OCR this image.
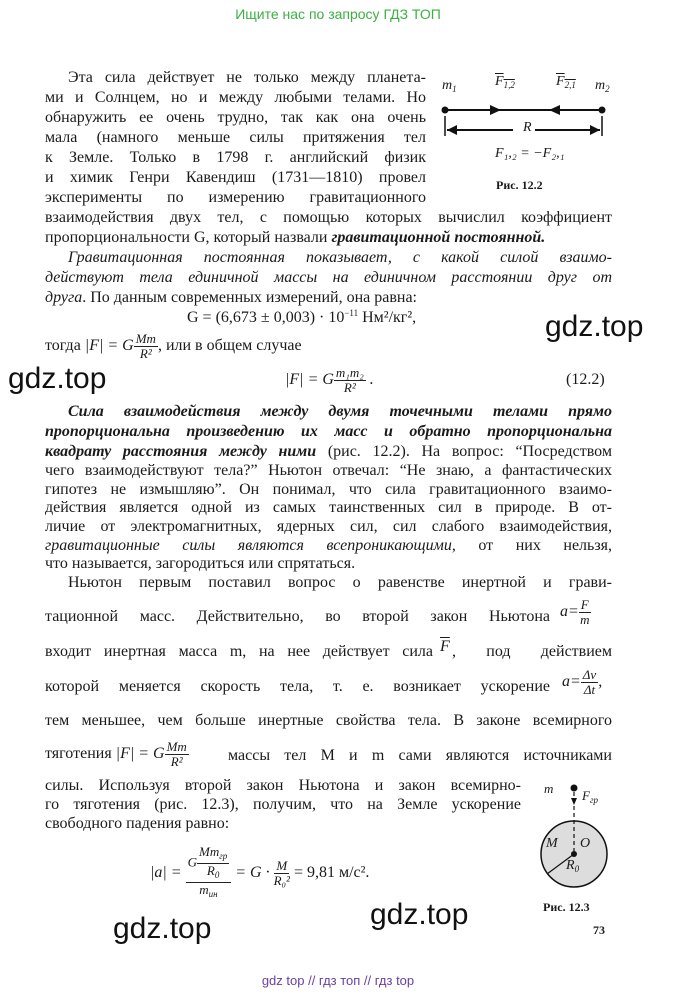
Ищите нас по запросу ГДЗ ТОП
Эта сила действует не только между планета-
ми и Солнцем, но и между любыми телами. Но
обнаружить ее очень трудно, так как она очень
мала (намного меньше силы притяжения тел
к Земле. Только в 1798 г. английский физик
и химик Генри Кавендиш (1731—1810) провел
эксперименты по измерению гравитационного
взаимодействия двух тел, с помощью которых вычислил коэффициент
пропорциональности G, который назвали гравитационной постоянной.
$m_1$	$F_{1,2}$	$F_{2,1}$ $m_2$
R
F₁,₂ = −F₂,₁
Рис. 12.2
Гравитационная постоянная показывает, с какой силой взаимо-
действуют тела единичной массы на единичном расстоянии друг от
друга. По данным современных измерений, она равна:
$G = (6,673 \pm 0,003) \cdot 10^{-11}$ Нм²/кг²,
тогда |F| = G $\frac{Mm}{\text{R²}}$ , или в общем случае
|F| = G $\frac{\text{m₁m₂}}{\text{R²}}$ .	(12.2)
Сила взаимодействия между двумя точечными телами прямо
пропорциональна произведению их масс и обратно пропорциональна
квадрату расстояния между ними (рис. 12.2). На вопрос: “Посредством
чего взаимодействуют тела?” Ньютон отвечал: “Не знаю, а фантастических
гипотез не измышляю”. Он понимал, что сила гравитационного взаимо-
действия является одной из самых таинственных сил в природе. В от-
личие от электромагнитных, ядерных сил, сил слабого взаимодействия,
гравитационные силы являются всепроникающими, от них нельзя,
что называется, загородиться или спрятаться.
Ньютон первым поставил вопрос о равенстве инертной и грави-
тационной масс. Действительно, во второй закон Ньютона $a= \frac{F}{m}$
входит инертная масса m, на нее действует сила $\overline{F}$ , под действием
которой меняется скорость тела, т. е. возникает ускорение $a= \frac{\Delta v}{\Delta t}$ ,
тем меньшее, чем больше инертные свойства тела. В законе всемирного
тяготения |F| = G $\frac{Mm}{\text{R²}}$ массы тел M и m сами являются источниками
силы. Используя второй закон Ньютона и закон всемирно-
го тяготения (рис. 12.3), получим, что на Земле ускорение
свободного падения равно:
$|a| = \frac{G \frac{Mm_{гр}}{R_0}}{m_{ин}} = G \cdot \frac{M}{\text{R₀²}} = 9,81$ м/с².
m $F_{гр}$
M O
$R_0$
Рис. 12.3
73
gdz.top
gdz.top
gdz.top
gdz.top
gdz top // гдз топ // гдз top
